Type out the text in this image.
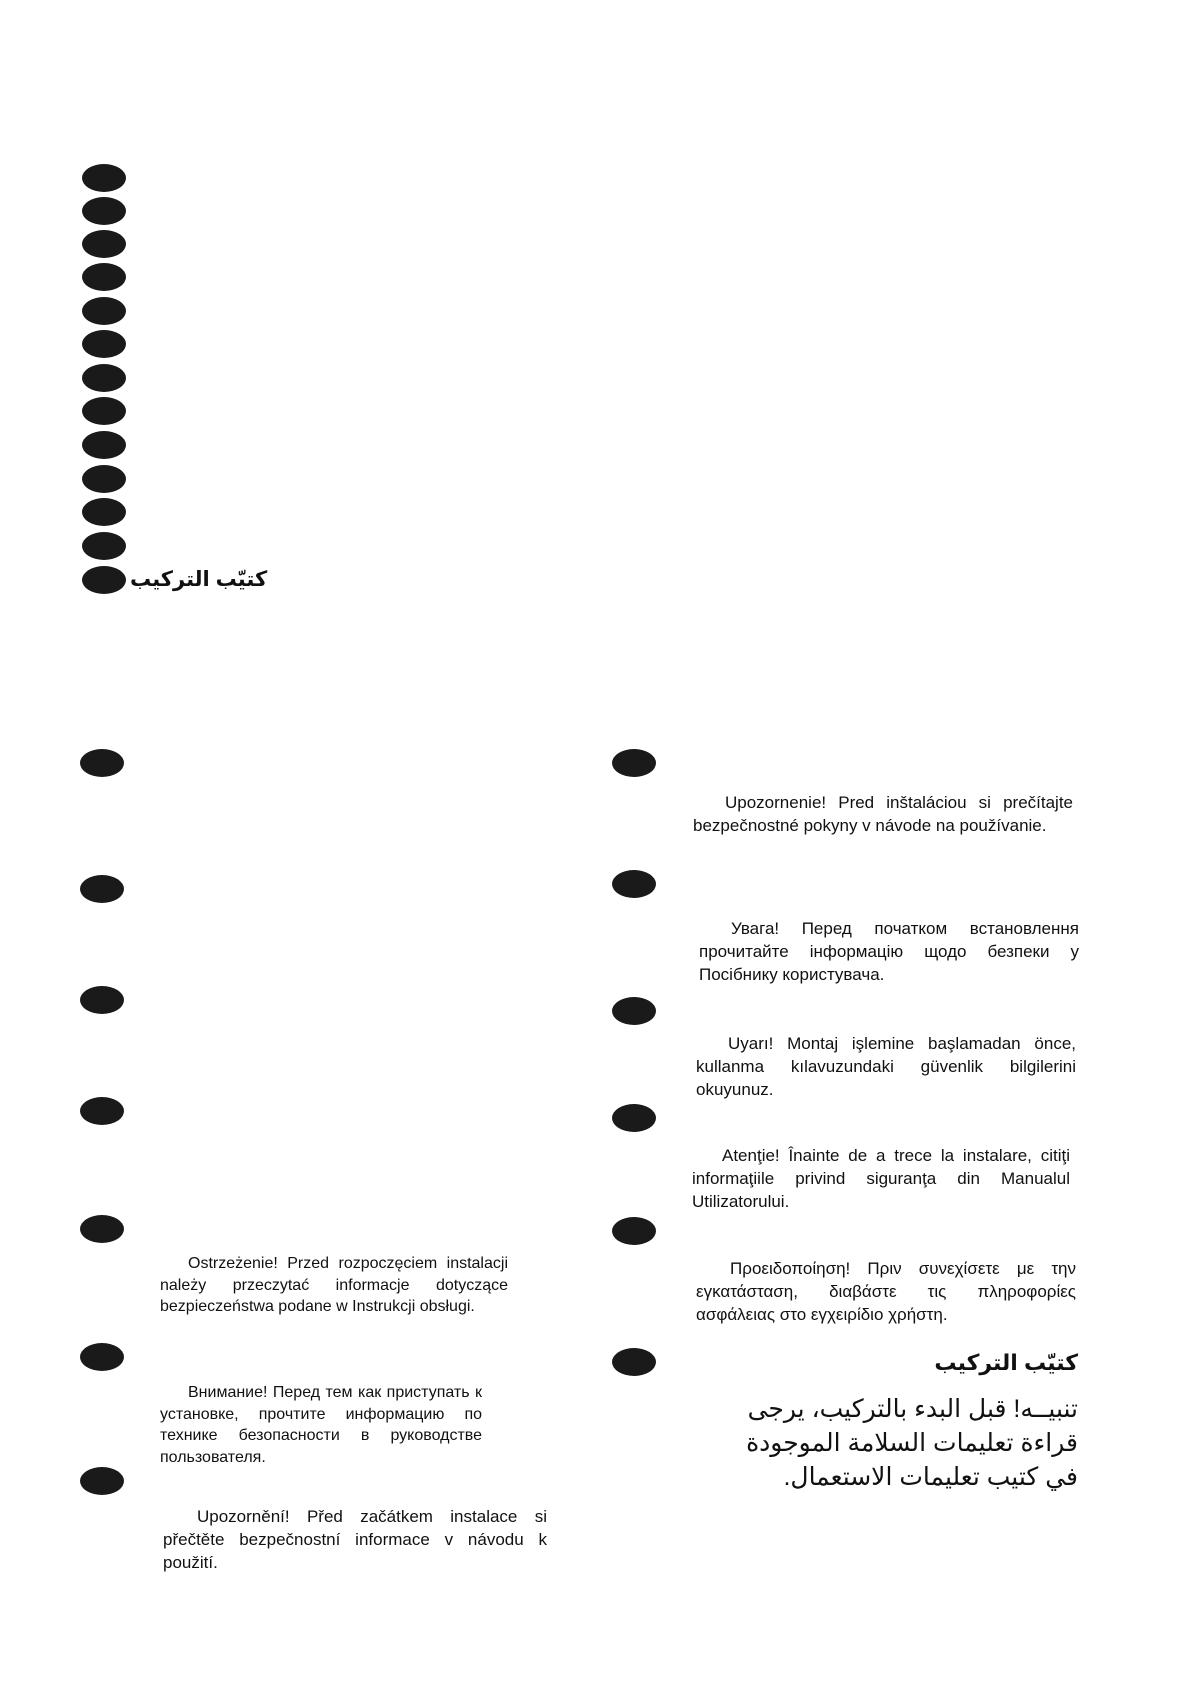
كتيّب التركيب
Ostrzeżenie! Przed rozpoczęciem instalacji należy przeczytać informacje dotyczące bezpieczeństwa podane w Instrukcji obsługi.
Внимание! Перед тем как приступать к установке, прочтите информацию по технике безопасности в руководстве пользователя.
Upozornění! Před začátkem instalace si přečtěte bezpečnostní informace v návodu k použití.
Upozornenie! Pred inštaláciou si prečítajte bezpečnostné pokyny v návode na používanie.
Увага! Перед початком встановлення прочитайте інформацію щодо безпеки у Посібнику користувача.
Uyarı! Montaj işlemine başlamadan önce, kullanma kılavuzundaki güvenlik bilgilerini okuyunuz.
Atenţie! Înainte de a trece la instalare, citiţi informaţiile privind siguranţa din Manualul Utilizatorului.
Προειδοποίηση! Πριν συνεχίσετε με την εγκατάσταση, διαβάστε τις πληροφορίες ασφάλειας στο εγχειρίδιο χρήστη.
كتيّب التركيب
تنبيــه! قبل البدء بالتركيب، يرجى قراءة تعليمات السلامة الموجودة في كتيب تعليمات الاستعمال.
